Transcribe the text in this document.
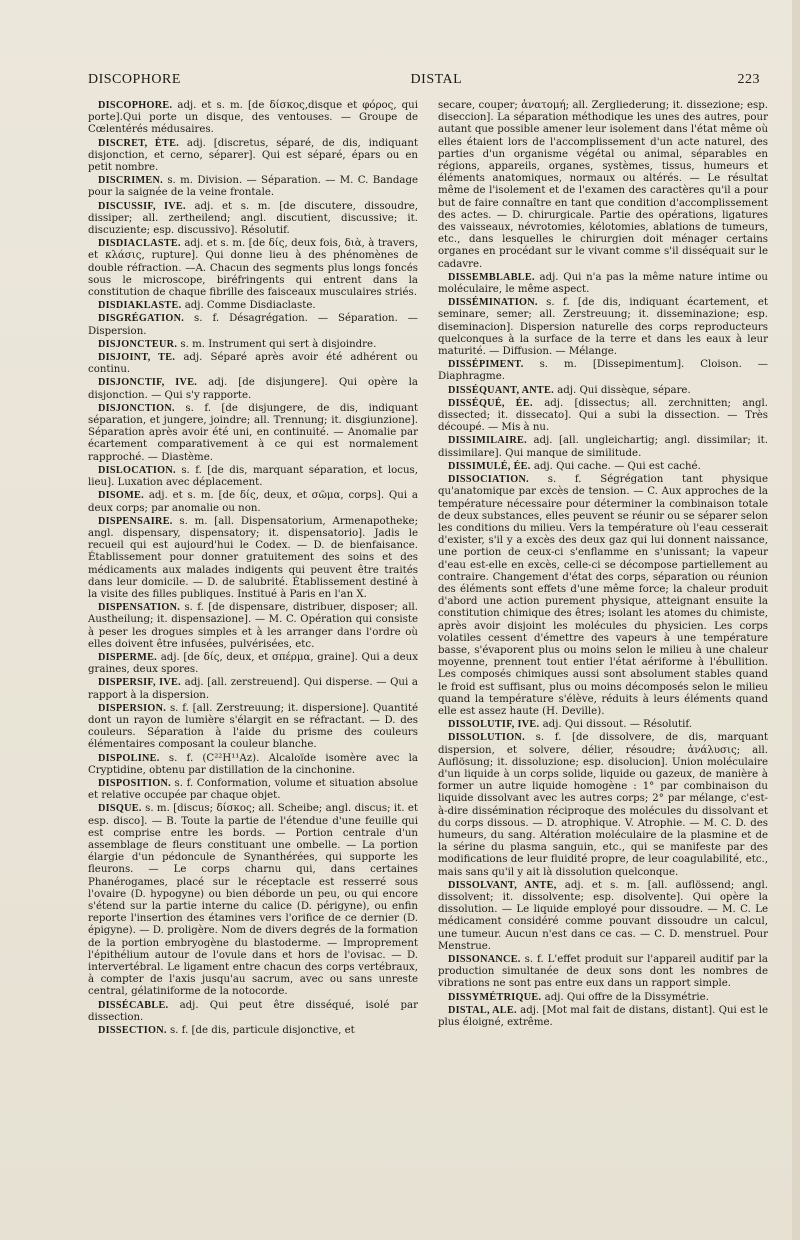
DISCOPHORE	DISTAL	223

DISCOPHORE. adj. et s. m. [de δίσκος,disque et φόρος, qui porte].Qui porte un disque, des ventouses. — Groupe de Cœlentérés médusaires.

DISCRET, ÈTE. adj. [discretus, séparé, de dis, indiquant disjonction, et cerno, séparer]. Qui est séparé, épars ou en petit nombre.

DISCRIMEN. s. m. Division. — Séparation. — M. C. Bandage pour la saignée de la veine frontale.

DISCUSSIF, IVE. adj. et s. m. [de discutere, dissoudre, dissiper; all. zertheilend; angl. discutient, discussive; it. discuziente; esp. discussivo]. Résolutif.

DISDIACLASTE. adj. et s. m. [de δίς, deux fois, διὰ, à travers, et κλάσις, rupture]. Qui donne lieu à des phénomènes de double réfraction. —A. Chacun des segments plus longs foncés sous le microscope, biréfringents qui entrent dans la constitution de chaque fibrille des faisceaux musculaires striés.

DISDIAKLASTE. adj. Comme Disdiaclaste.

DISGRÉGATION. s. f. Désagrégation. — Séparation. — Dispersion.

DISJONCTEUR. s. m. Instrument qui sert à disjoindre.

DISJOINT, TE. adj. Séparé après avoir été adhérent ou continu.

DISJONCTIF, IVE. adj. [de disjungere]. Qui opère la disjonction. — Qui s'y rapporte.

DISJONCTION. s. f. [de disjungere, de dis, indiquant séparation, et jungere, joindre; all. Trennung; it. disgiunzione]. Séparation après avoir été uni, en continuité. — Anomalie par écartement comparativement à ce qui est normalement rapproché. — Diastème.

DISLOCATION. s. f. [de dis, marquant séparation, et locus, lieu]. Luxation avec déplacement.

DISOME. adj. et s. m. [de δίς, deux, et σῶμα, corps]. Qui a deux corps; par anomalie ou non.

DISPENSAIRE. s. m. [all. Dispensatorium, Armenapotheke; angl. dispensary, dispensatory; it. dispensatorio]. Jadis le recueil qui est aujourd'hui le Codex. — D. de bienfaisance. Établissement pour donner gratuitement des soins et des médicaments aux malades indigents qui peuvent être traités dans leur domicile. — D. de salubrité. Établissement destiné à la visite des filles publiques. Institué à Paris en l'an X.

DISPENSATION. s. f. [de dispensare, distribuer, disposer; all. Austheilung; it. dispensazione]. — M. C. Opération qui consiste à peser les drogues simples et à les arranger dans l'ordre où elles doivent être infusées, pulvérisées, etc.

DISPERME. adj. [de δίς, deux, et σπέρμα, graine]. Qui a deux graines, deux spores.

DISPERSIF, IVE. adj. [all. zerstreuend]. Qui disperse. — Qui a rapport à la dispersion.

DISPERSION. s. f. [all. Zerstreuung; it. dispersione]. Quantité dont un rayon de lumière s'élargit en se réfractant. — D. des couleurs. Séparation à l'aide du prisme des couleurs élémentaires composant la couleur blanche.

DISPOLINE. s. f. (C²²H¹¹Az). Alcaloïde isomère avec la Cryptidine, obtenu par distillation de la cinchonine.

DISPOSITION. s. f. Conformation, volume et situation absolue et relative occupée par chaque objet.

DISQUE. s. m. [discus; δίσκος; all. Scheibe; angl. discus; it. et esp. disco]. — B. Toute la partie de l'étendue d'une feuille qui est comprise entre les bords. — Portion centrale d'un assemblage de fleurs constituant une ombelle. — La portion élargie d'un pédoncule de Synanthérées, qui supporte les fleurons. — Le corps charnu qui, dans certaines Phanérogames, placé sur le réceptacle est resserré sous l'ovaire (D. hypogyne) ou bien déborde un peu, ou qui encore s'étend sur la partie interne du calice (D. périgyne), ou enfin reporte l'insertion des étamines vers l'orifice de ce dernier (D. épigyne). — D. proligère. Nom de divers degrés de la formation de la portion embryogène du blastoderme. — Improprement l'épithélium autour de l'ovule dans et hors de l'ovisac. — D. intervertébral. Le ligament entre chacun des corps vertébraux, à compter de l'axis jusqu'au sacrum, avec ou sans unreste central, gélatiniforme de la notocorde.

DISSÉCABLE. adj. Qui peut être disséqué, isolé par dissection.

DISSECTION. s. f. [de dis, particule disjonctive, et

secare, couper; ἀνατομή; all. Zergliederung; it. dissezione; esp. diseccion]. La séparation méthodique les unes des autres, pour autant que possible amener leur isolement dans l'état même où elles étaient lors de l'accomplissement d'un acte naturel, des parties d'un organisme végétal ou animal, séparables en régions, appareils, organes, systèmes, tissus, humeurs et éléments anatomiques, normaux ou altérés. — Le résultat même de l'isolement et de l'examen des caractères qu'il a pour but de faire connaître en tant que condition d'accomplissement des actes. — D. chirurgicale. Partie des opérations, ligatures des vaisseaux, névrotomies, kélotomies, ablations de tumeurs, etc., dans lesquelles le chirurgien doit ménager certains organes en procédant sur le vivant comme s'il disséquait sur le cadavre.

DISSEMBLABLE. adj. Qui n'a pas la même nature intime ou moléculaire, le même aspect.

DISSÉMINATION. s. f. [de dis, indiquant écartement, et seminare, semer; all. Zerstreuung; it. disseminazione; esp. diseminacion]. Dispersion naturelle des corps reproducteurs quelconques à la surface de la terre et dans les eaux à leur maturité. — Diffusion. — Mélange.

DISSÉPIMENT. s. m. [Dissepimentum]. Cloison. — Diaphragme.

DISSÉQUANT, ANTE. adj. Qui dissèque, sépare.

DISSÉQUÉ, ÉE. adj. [dissectus; all. zerchnitten; angl. dissected; it. dissecato]. Qui a subi la dissection. — Très découpé. — Mis à nu.

DISSIMILAIRE. adj. [all. ungleichartig; angl. dissimilar; it. dissimilare]. Qui manque de similitude.

DISSIMULÉ, ÉE. adj. Qui cache. — Qui est caché.

DISSOCIATION. s. f. Ségrégation tant physique qu'anatomique par excès de tension. — C. Aux approches de la température nécessaire pour déterminer la combinaison totale de deux substances, elles peuvent se réunir ou se séparer selon les conditions du milieu. Vers la température où l'eau cesserait d'exister, s'il y a excès des deux gaz qui lui donnent naissance, une portion de ceux-ci s'enflamme en s'unissant; la vapeur d'eau est-elle en excès, celle-ci se décompose partiellement au contraire. Changement d'état des corps, séparation ou réunion des éléments sont effets d'une même force; la chaleur produit d'abord une action purement physique, atteignant ensuite la constitution chimique des êtres; isolant les atomes du chimiste, après avoir disjoint les molécules du physicien. Les corps volatiles cessent d'émettre des vapeurs à une température basse, s'évaporent plus ou moins selon le milieu à une chaleur moyenne, prennent tout entier l'état aériforme à l'ébullition. Les composés chimiques aussi sont absolument stables quand le froid est suffisant, plus ou moins décomposés selon le milieu quand la température s'élève, réduits à leurs éléments quand elle est assez haute (H. Deville).

DISSOLUTIF, IVE. adj. Qui dissout. — Résolutif.

DISSOLUTION. s. f. [de dissolvere, de dis, marquant dispersion, et solvere, délier, résoudre; ἀνάλυσις; all. Auflösung; it. dissoluzione; esp. disolucion]. Union moléculaire d'un liquide à un corps solide, liquide ou gazeux, de manière à former un autre liquide homogène : 1° par combinaison du liquide dissolvant avec les autres corps; 2° par mélange, c'est-à-dire dissémination réciproque des molécules du dissolvant et du corps dissous. — D. atrophique. V. Atrophie. — M. C. D. des humeurs, du sang. Altération moléculaire de la plasmine et de la sérine du plasma sanguin, etc., qui se manifeste par des modifications de leur fluidité propre, de leur coagulabilité, etc., mais sans qu'il y ait là dissolution quelconque.

DISSOLVANT, ANTE, adj. et s. m. [all. auflössend; angl. dissolvent; it. dissolvente; esp. disolvente]. Qui opère la dissolution. — Le liquide employé pour dissoudre. — M. C. Le médicament considéré comme pouvant dissoudre un calcul, une tumeur. Aucun n'est dans ce cas. — C. D. menstruel. Pour Menstrue.

DISSONANCE. s. f. L'effet produit sur l'appareil auditif par la production simultanée de deux sons dont les nombres de vibrations ne sont pas entre eux dans un rapport simple.

DISSYMÉTRIQUE. adj. Qui offre de la Dissymétrie.

DISTAL, ALE. adj. [Mot mal fait de distans, distant]. Qui est le plus éloigné, extrême.
